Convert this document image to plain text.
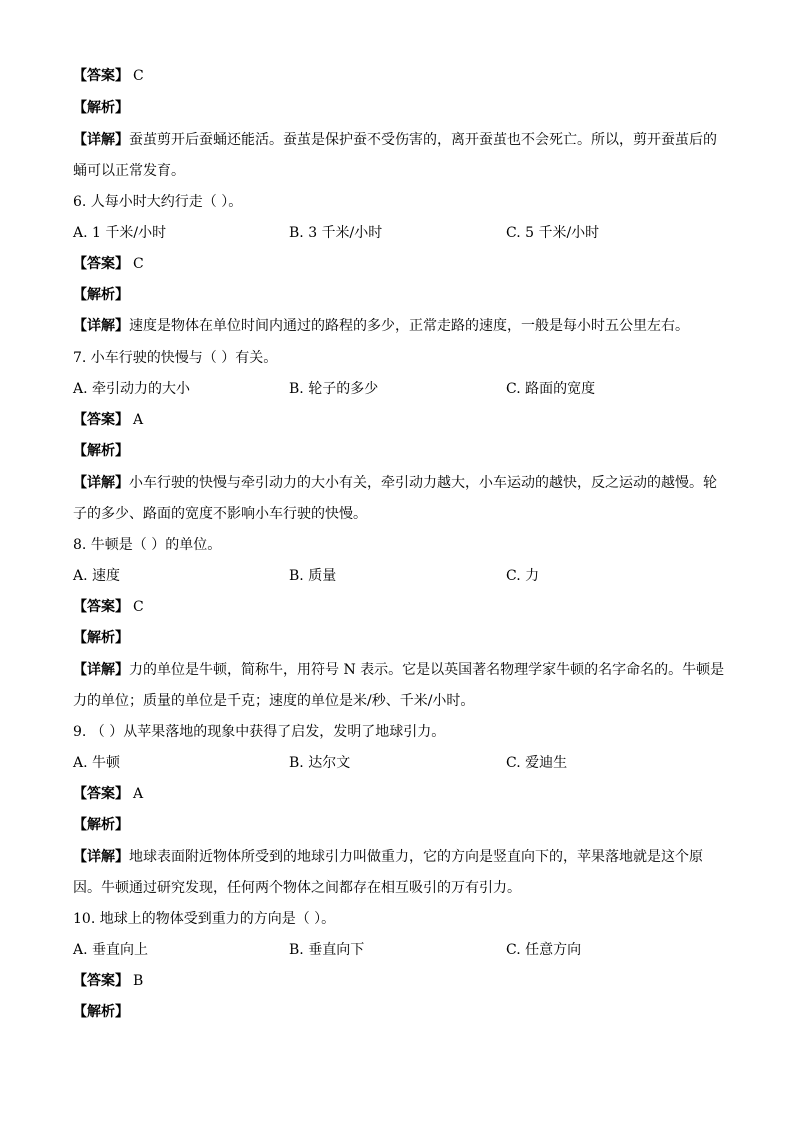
【答案】 C
【解析】
【详解】蚕茧剪开后蚕蛹还能活。蚕茧是保护蚕不受伤害的，离开蚕茧也不会死亡。所以，剪开蚕茧后的
蛹可以正常发育。
6. 人每小时大约行走（ ）。
A. 1 千米/小时	B. 3 千米/小时	C. 5 千米/小时
【答案】 C
【解析】
【详解】速度是物体在单位时间内通过的路程的多少，正常走路的速度，一般是每小时五公里左右。
7. 小车行驶的快慢与（ ）有关。
A. 牵引动力的大小	B. 轮子的多少	C. 路面的宽度
【答案】 A
【解析】
【详解】小车行驶的快慢与牵引动力的大小有关，牵引动力越大，小车运动的越快，反之运动的越慢。轮
子的多少、路面的宽度不影响小车行驶的快慢。
8. 牛顿是（ ）的单位。
A. 速度	B. 质量	C. 力
【答案】 C
【解析】
【详解】力的单位是牛顿，简称牛，用符号 N 表示。它是以英国著名物理学家牛顿的名字命名的。牛顿是
力的单位；质量的单位是千克；速度的单位是米/秒、千米/小时。
9. （ ）从苹果落地的现象中获得了启发，发明了地球引力。
A. 牛顿	B. 达尔文	C. 爱迪生
【答案】 A
【解析】
【详解】地球表面附近物体所受到的地球引力叫做重力，它的方向是竖直向下的，苹果落地就是这个原
因。牛顿通过研究发现，任何两个物体之间都存在相互吸引的万有引力。
10. 地球上的物体受到重力的方向是（ ）。
A. 垂直向上	B. 垂直向下	C. 任意方向
【答案】 B
【解析】
